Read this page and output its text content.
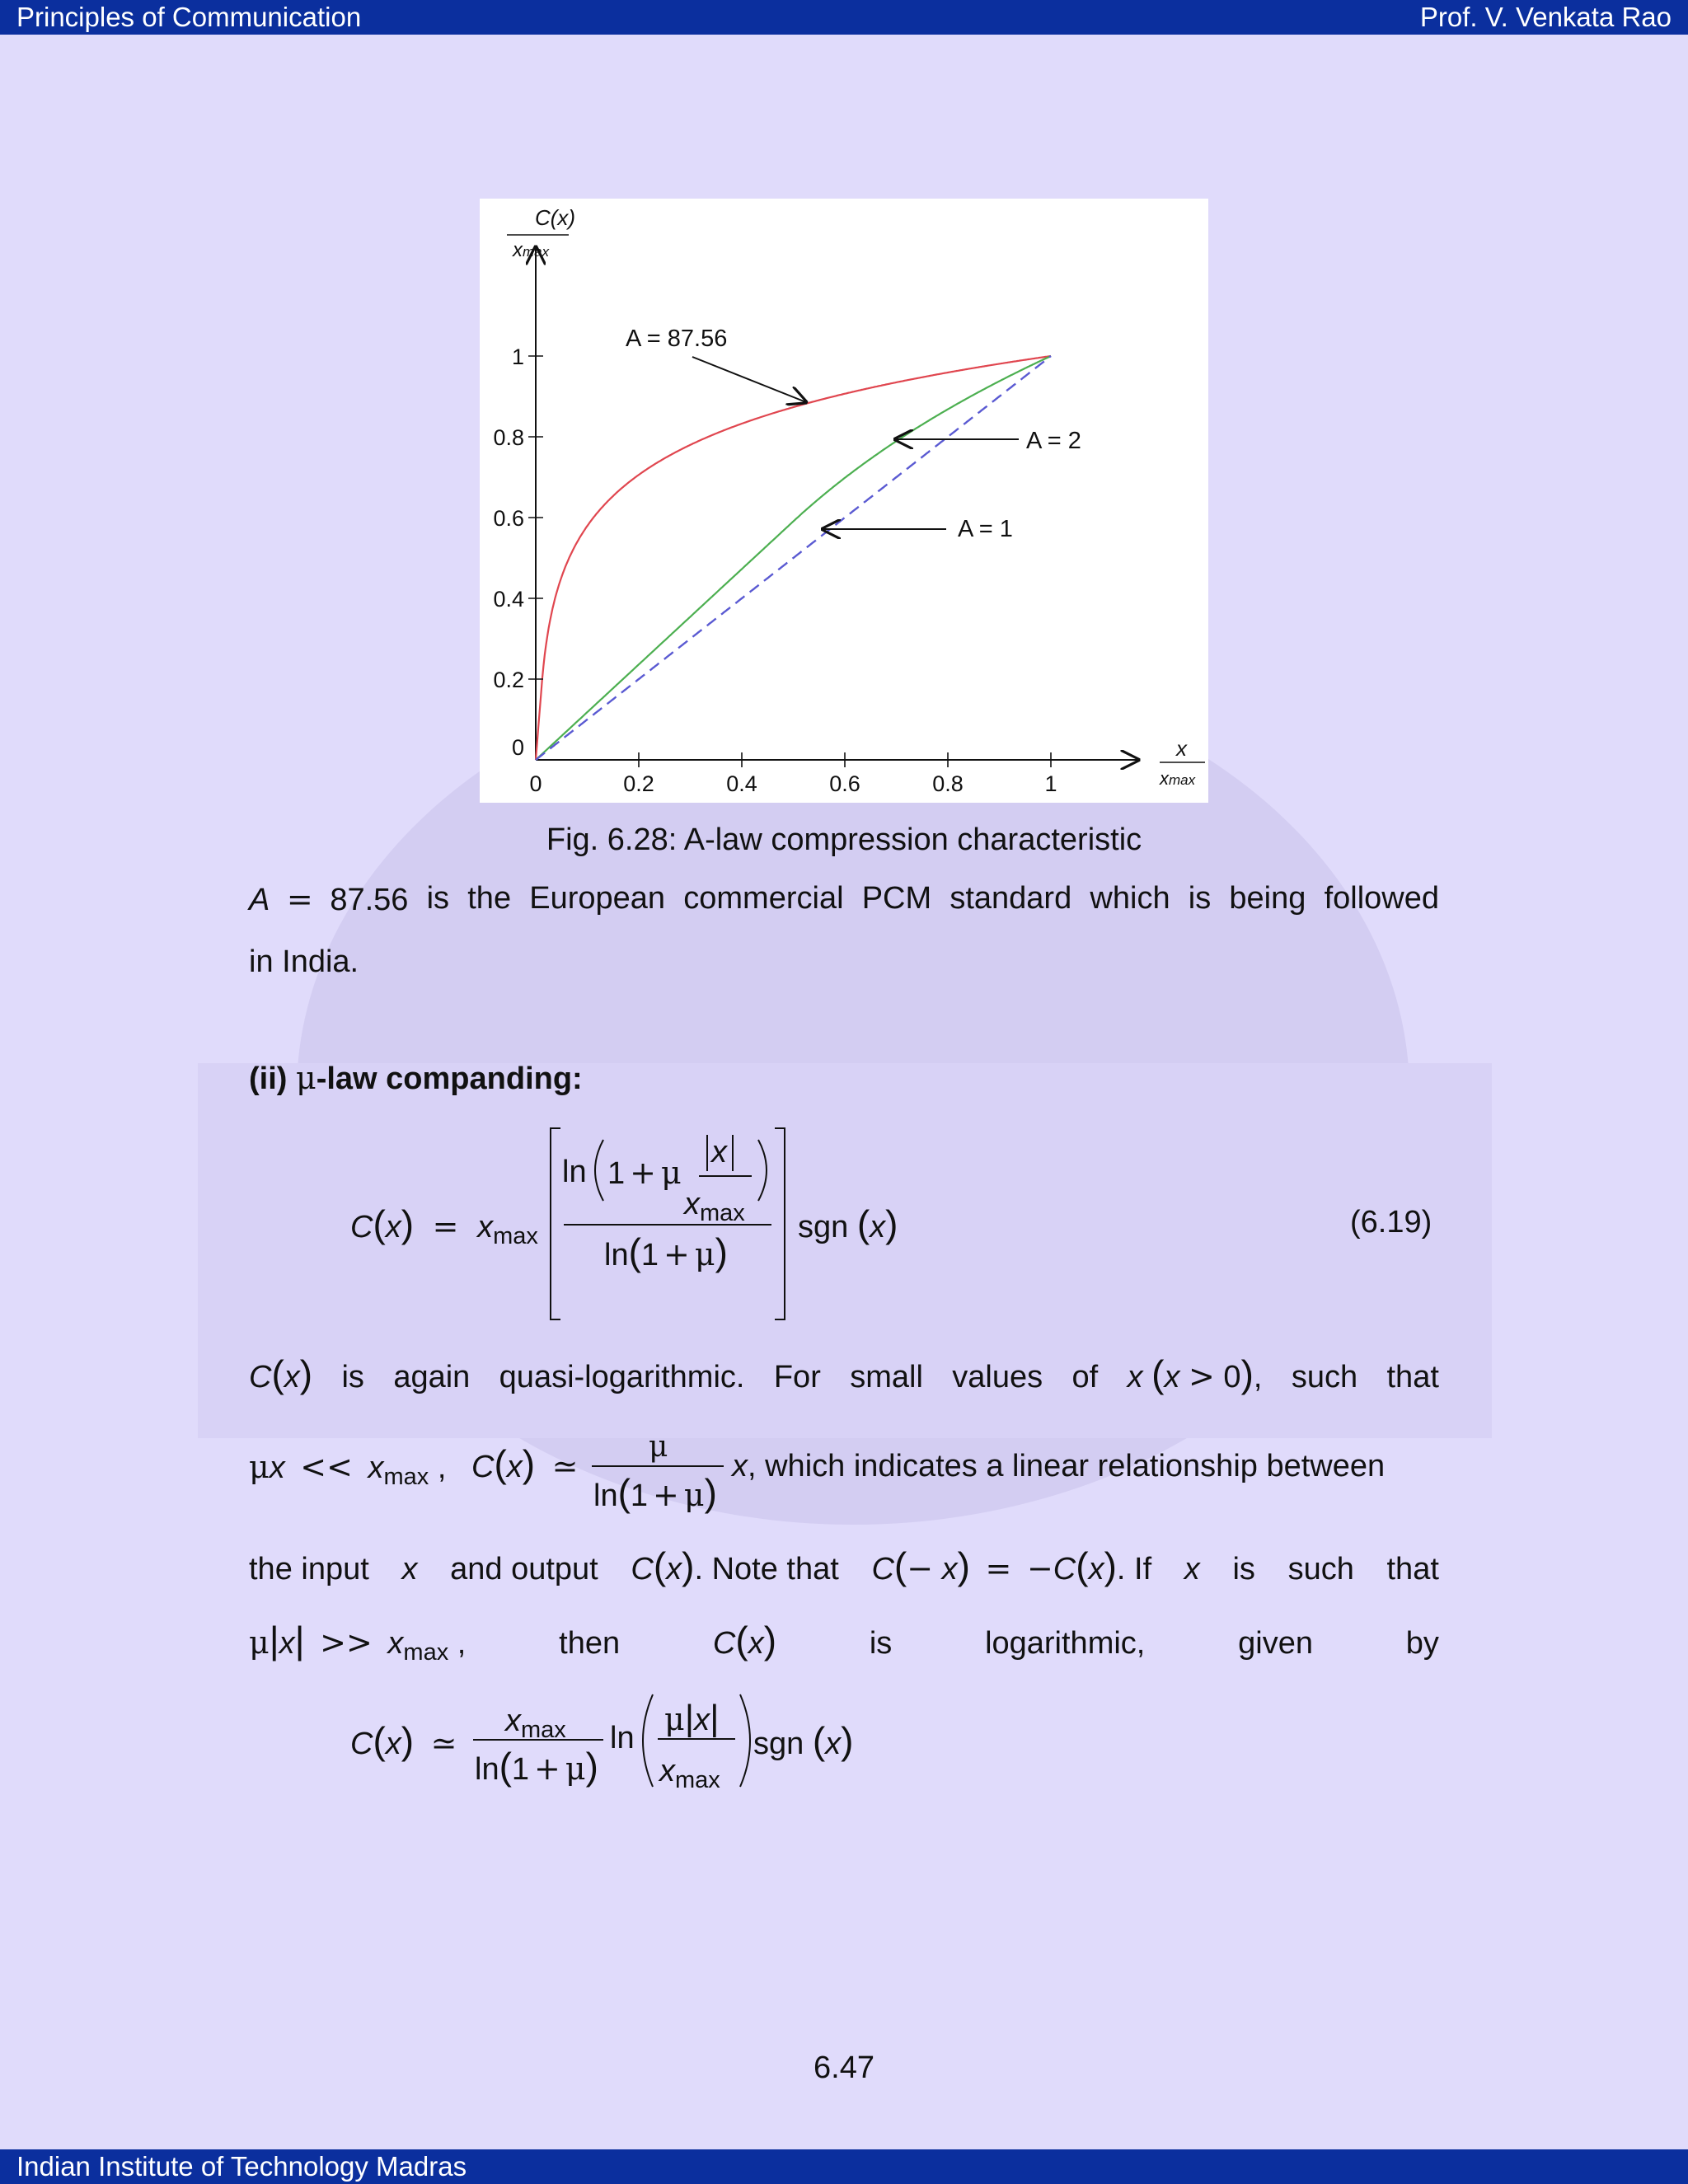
Principles of Communication	Prof. V. Venkata Rao
Indian Institute of Technology Madras
0	0.2	0.4	0.6	0.8	1
0
0.2
0.4
0.6
0.8
1
C(x)
xmax
x
xmax
A = 87.56
A = 2
A = 1
Fig. 6.28: A-law compression characteristic
A = 87.56 is the European commercial PCM standard which is being followed
in India.
(ii) μ-law companding:
$C(x) = x_{max}$
ln 1 + μ
x
$x_{max}$
ln(1 + μ)
sgn (x)	(6.19)
C(x) is again quasi-logarithmic. For small values of x (x > 0), such that
$\mu x << x_{max}$ , C(x) ≃
μ
ln(1 + μ)
x, which indicates a linear relationship between
the input x and output C(x). Note that C(− x) = −C(x). If x is such that
$\mu|x| >> x_{max}$ ,	then	C(x)	is	logarithmic,	given	by
C(x) ≃
$x_{max}$
ln(1 + μ)
ln
μ|x|
$x_{max}$
sgn (x)
6.47
